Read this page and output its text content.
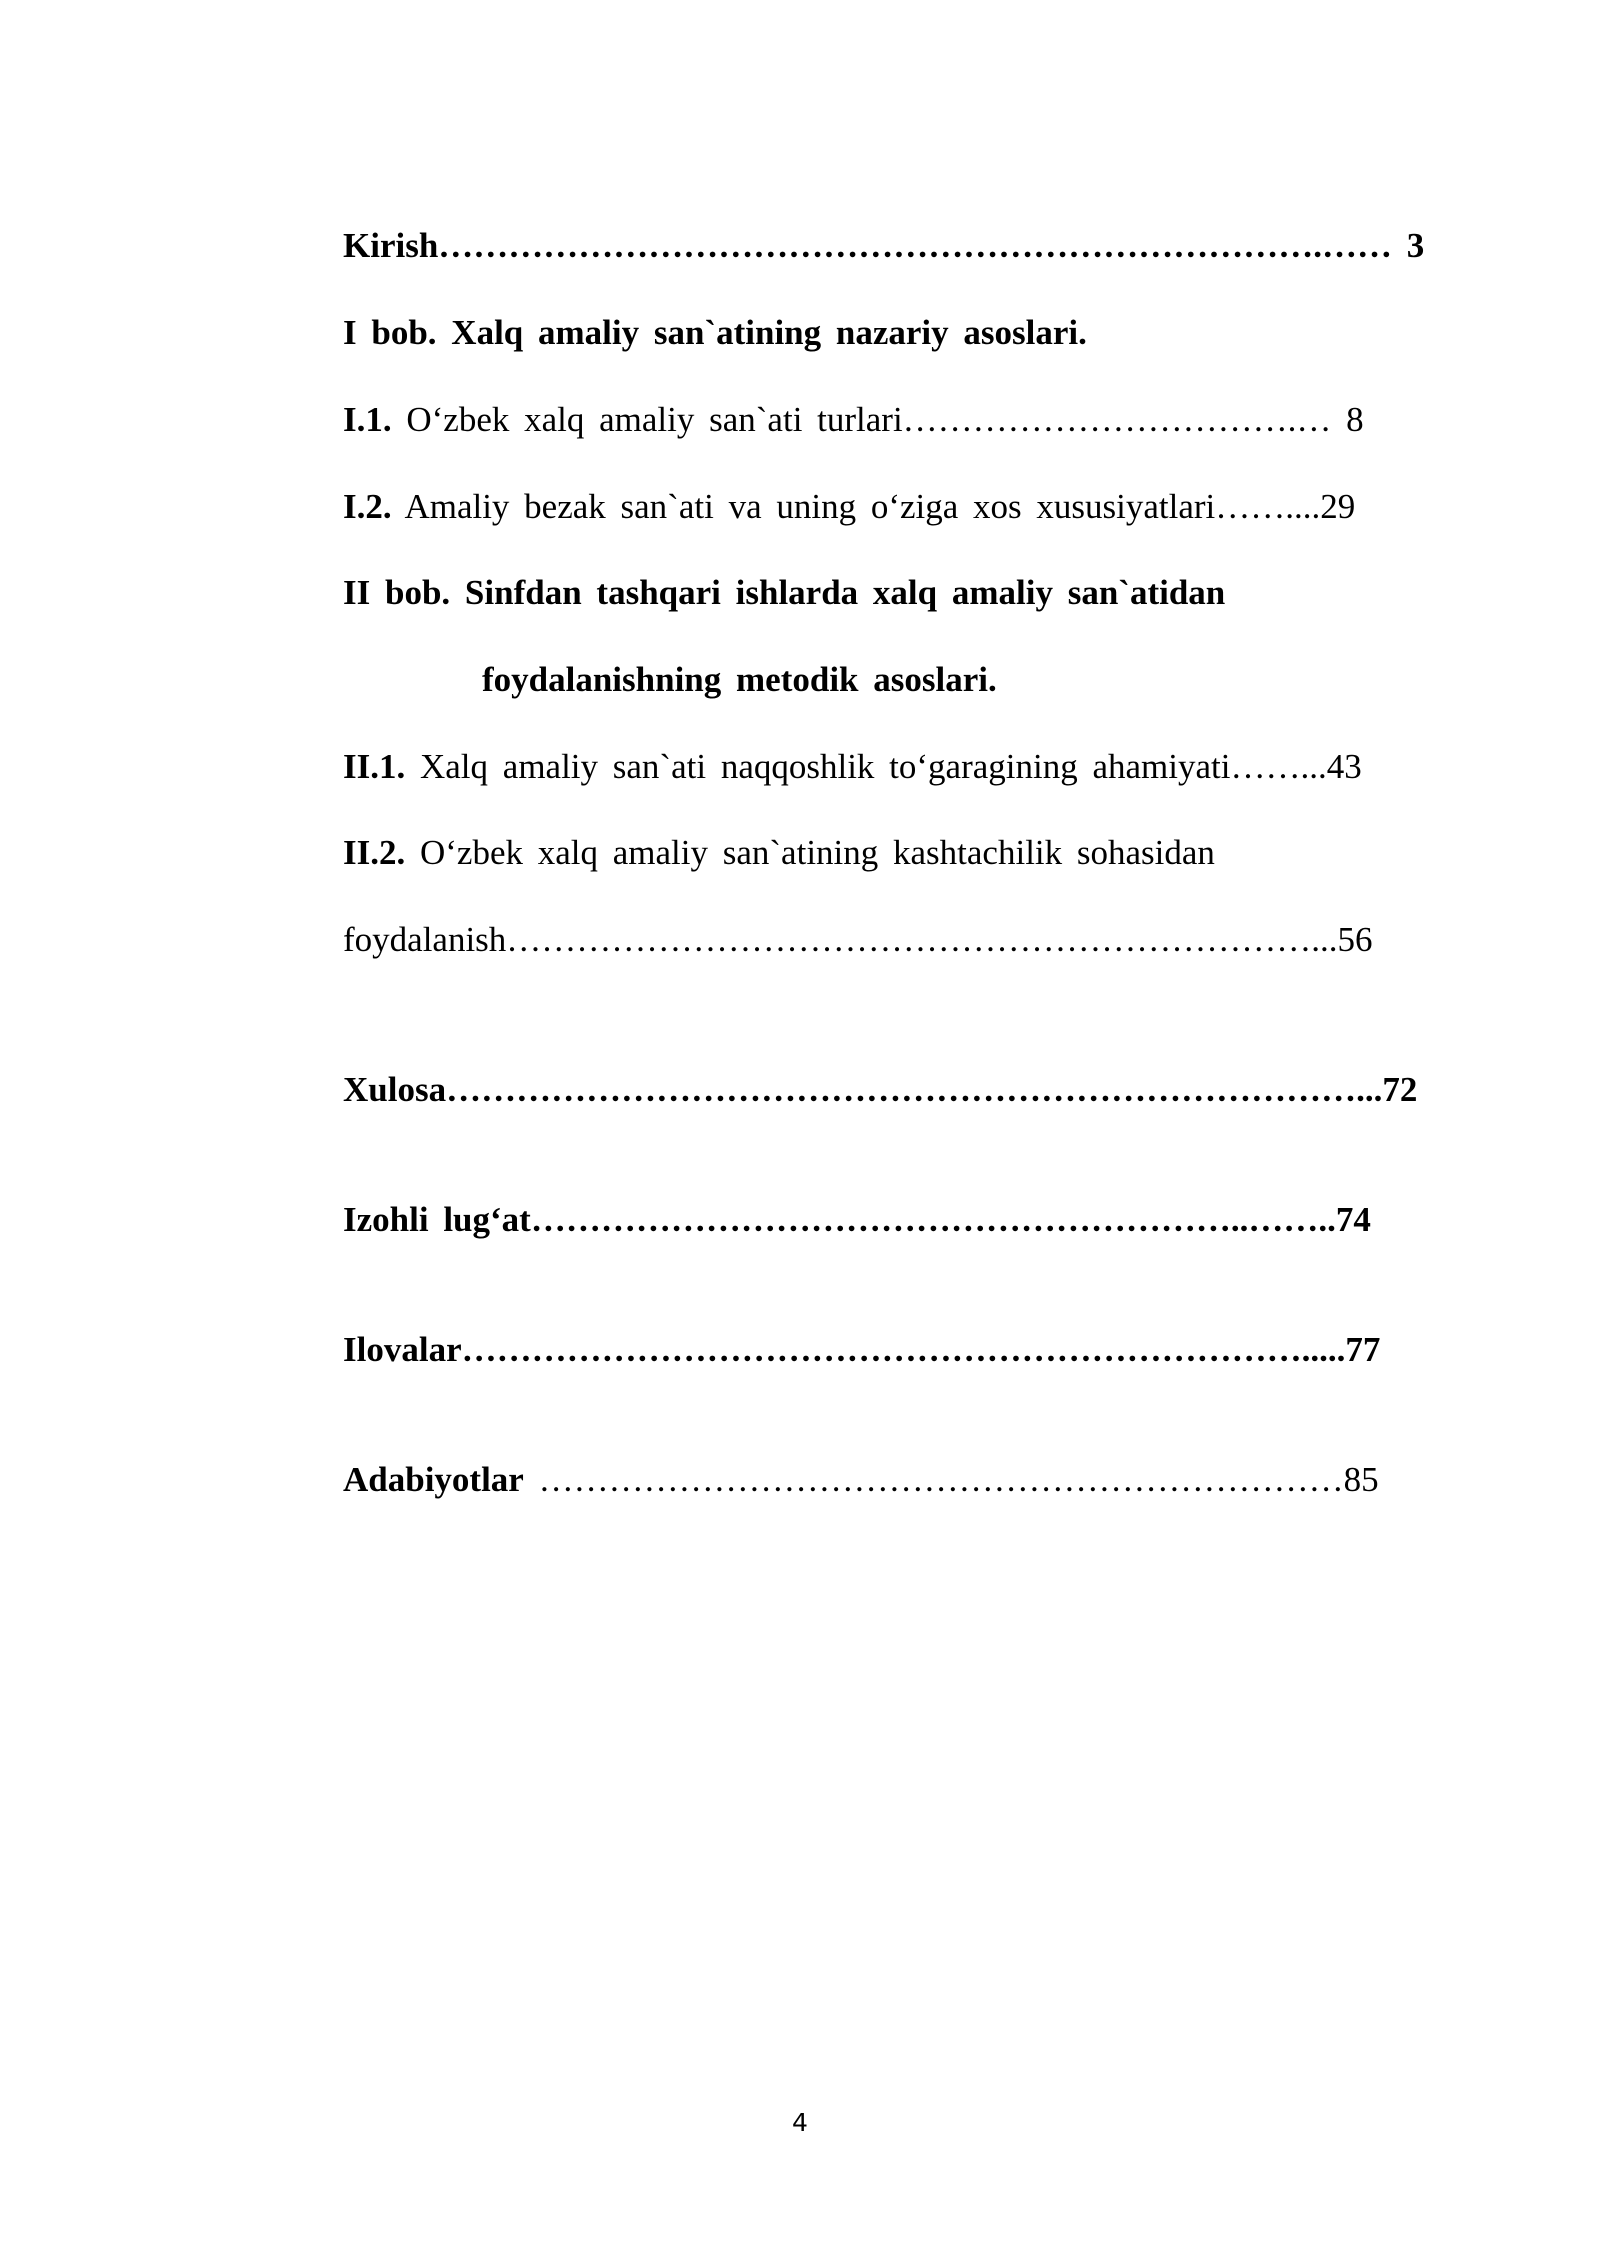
Kirish………………………………………………………………….…… 3
I bob. Xalq amaliy san`atining nazariy asoslari.
I.1. O‘zbek xalq amaliy san`ati turlari…………………………….… 8
I.2. Amaliy bezak san`ati va uning o‘ziga xos xususiyatlari……....29
II bob. Sinfdan tashqari ishlarda xalq amaliy san`atidan
foydalanishning metodik asoslari.
II.1. Xalq amaliy san`ati naqqoshlik to‘garagining ahamiyati……...43
II.2. O‘zbek xalq amaliy san`atining kashtachilik sohasidan
foydalanish……………………………………………………………...56
Xulosa……………………………………………………………………...72
Izohli lug‘at……………………………………………………..……..74
Ilovalar……………………………………………………………….....77
Adabiyotlar ……………………………………………………………85
4
